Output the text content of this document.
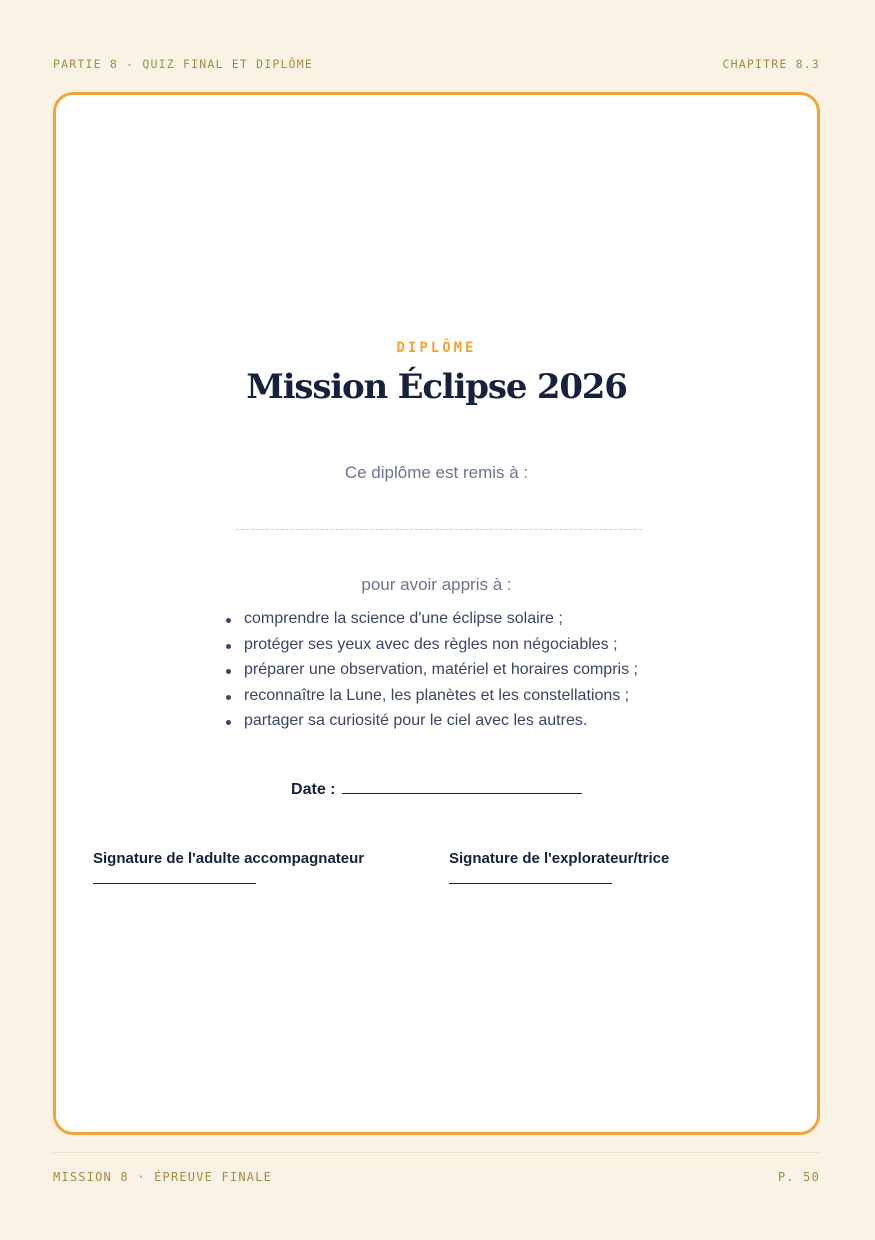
PARTIE 8 - QUIZ FINAL ET DIPLÔME	CHAPITRE 8.3
DIPLÔME
Mission Éclipse 2026
Ce diplôme est remis à :
pour avoir appris à :
comprendre la science d'une éclipse solaire ;
protéger ses yeux avec des règles non négociables ;
préparer une observation, matériel et horaires compris ;
reconnaître la Lune, les planètes et les constellations ;
partager sa curiosité pour le ciel avec les autres.
Date :
Signature de l'adulte accompagnateur	Signature de l'explorateur/trice
MISSION 8 · ÉPREUVE FINALE	P. 50
